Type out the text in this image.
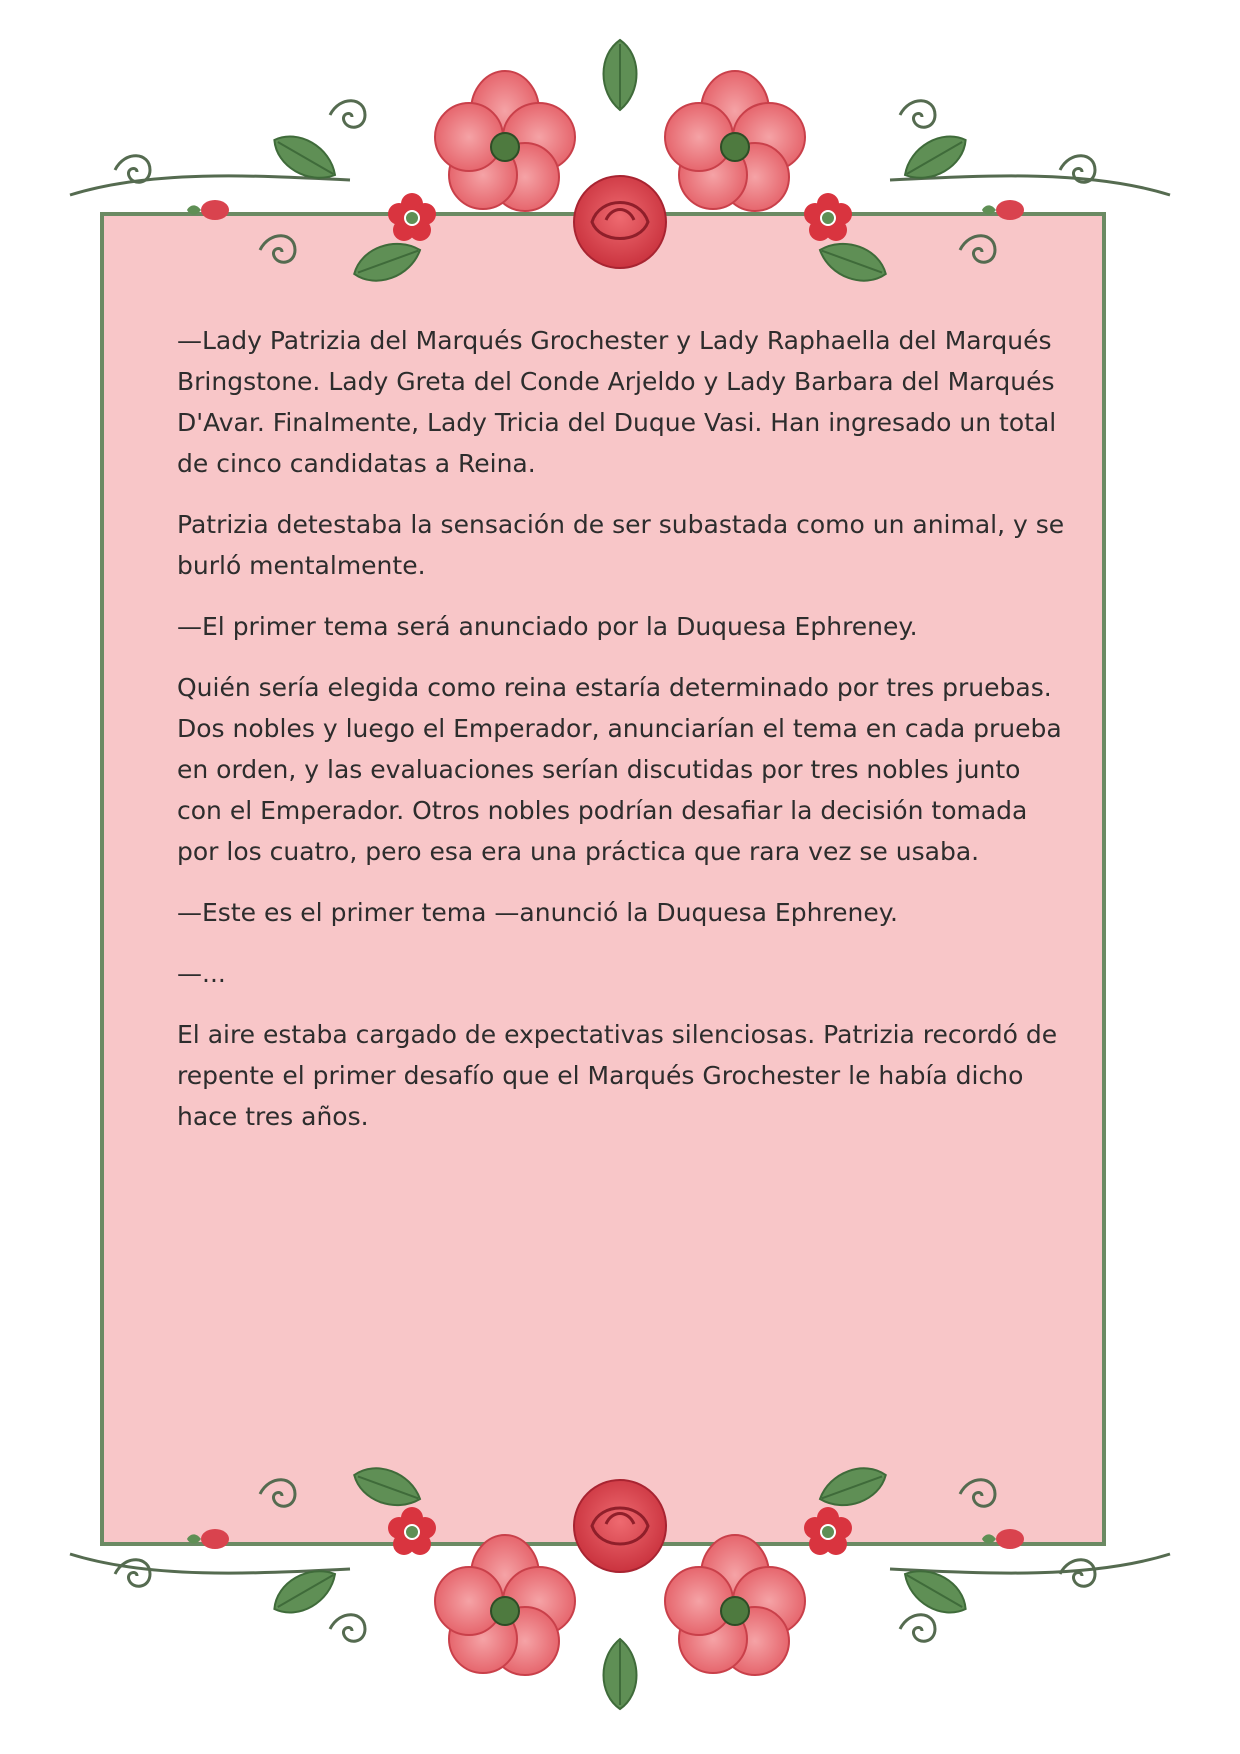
—Lady Patrizia del Marqués Grochester y Lady Raphaella del Marqués Bringstone. Lady Greta del Conde Arjeldo y Lady Barbara del Marqués D'Avar. Finalmente, Lady Tricia del Duque Vasi. Han ingresado un total de cinco candidatas a Reina.

Patrizia detestaba la sensación de ser subastada como un animal, y se burló mentalmente.

—El primer tema será anunciado por la Duquesa Ephreney.

Quién sería elegida como reina estaría determinado por tres pruebas. Dos nobles y luego el Emperador, anunciarían el tema en cada prueba en orden, y las evaluaciones serían discutidas por tres nobles junto con el Emperador. Otros nobles podrían desafiar la decisión tomada por los cuatro, pero esa era una práctica que rara vez se usaba.

—Este es el primer tema —anunció la Duquesa Ephreney.

—...

El aire estaba cargado de expectativas silenciosas. Patrizia recordó de repente el primer desafío que el Marqués Grochester le había dicho hace tres años.
